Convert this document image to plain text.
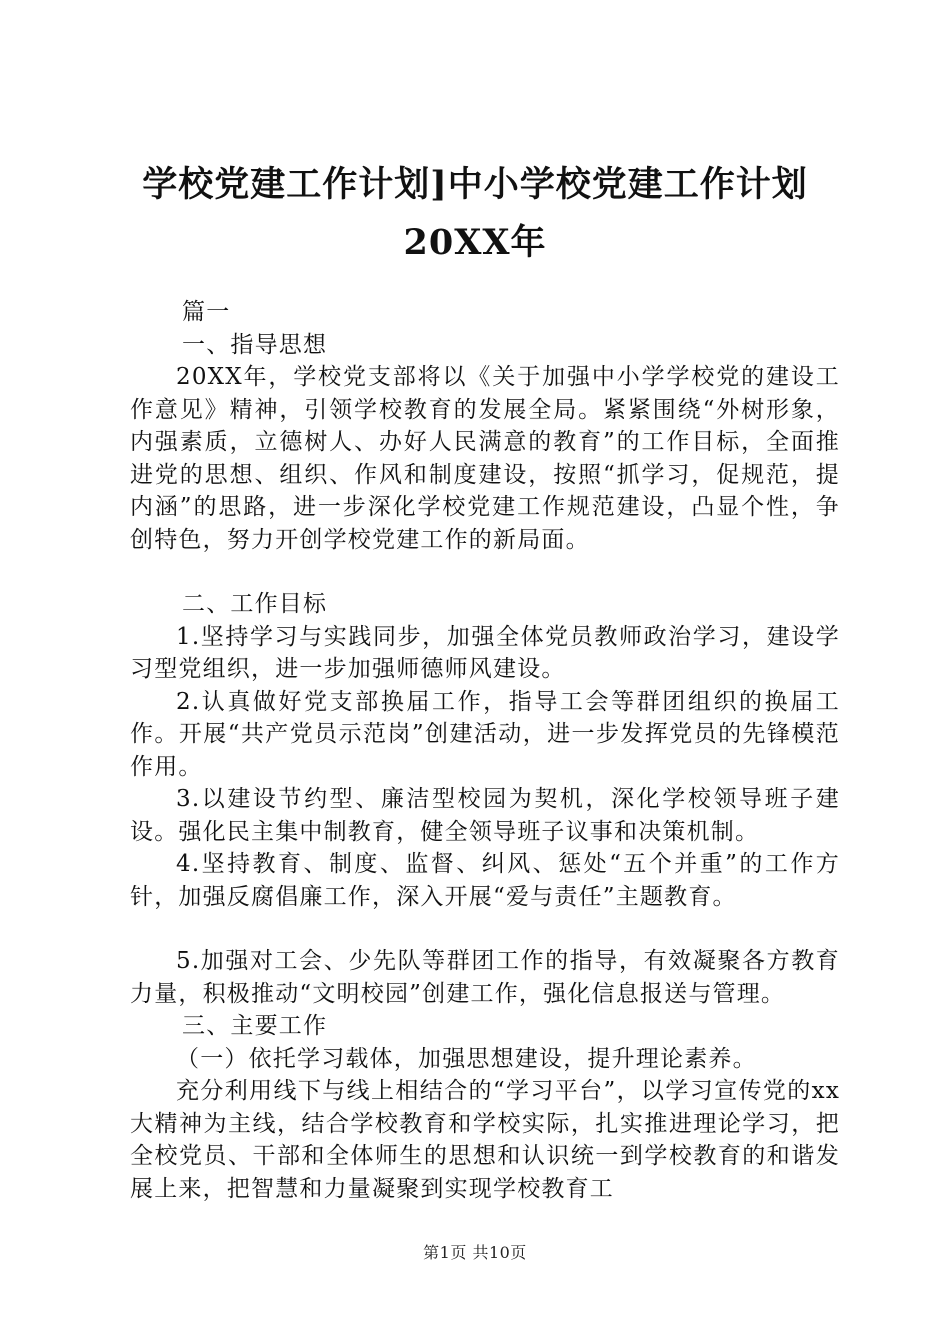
学校党建工作计划]中小学校党建工作计划
20XX年

篇一

一、指导思想

20XX年，学校党支部将以《关于加强中小学学校党的建设工作意见》精神，引领学校教育的发展全局。紧紧围绕“外树形象，内强素质，立德树人、办好人民满意的教育”的工作目标，全面推进党的思想、组织、作风和制度建设，按照“抓学习，促规范，提内涵”的思路，进一步深化学校党建工作规范建设，凸显个性，争创特色，努力开创学校党建工作的新局面。

二、工作目标

1.坚持学习与实践同步，加强全体党员教师政治学习，建设学习型党组织，进一步加强师德师风建设。

2.认真做好党支部换届工作，指导工会等群团组织的换届工作。开展“共产党员示范岗”创建活动，进一步发挥党员的先锋模范作用。

3.以建设节约型、廉洁型校园为契机，深化学校领导班子建设。强化民主集中制教育，健全领导班子议事和决策机制。

4.坚持教育、制度、监督、纠风、惩处“五个并重”的工作方针，加强反腐倡廉工作，深入开展“爱与责任”主题教育。

5.加强对工会、少先队等群团工作的指导，有效凝聚各方教育力量，积极推动“文明校园”创建工作，强化信息报送与管理。

三、主要工作

（一）依托学习载体，加强思想建设，提升理论素养。

充分利用线下与线上相结合的“学习平台”，以学习宣传党的xx大精神为主线，结合学校教育和学校实际，扎实推进理论学习，把全校党员、干部和全体师生的思想和认识统一到学校教育的和谐发展上来，把智慧和力量凝聚到实现学校教育工

第1页 共10页
